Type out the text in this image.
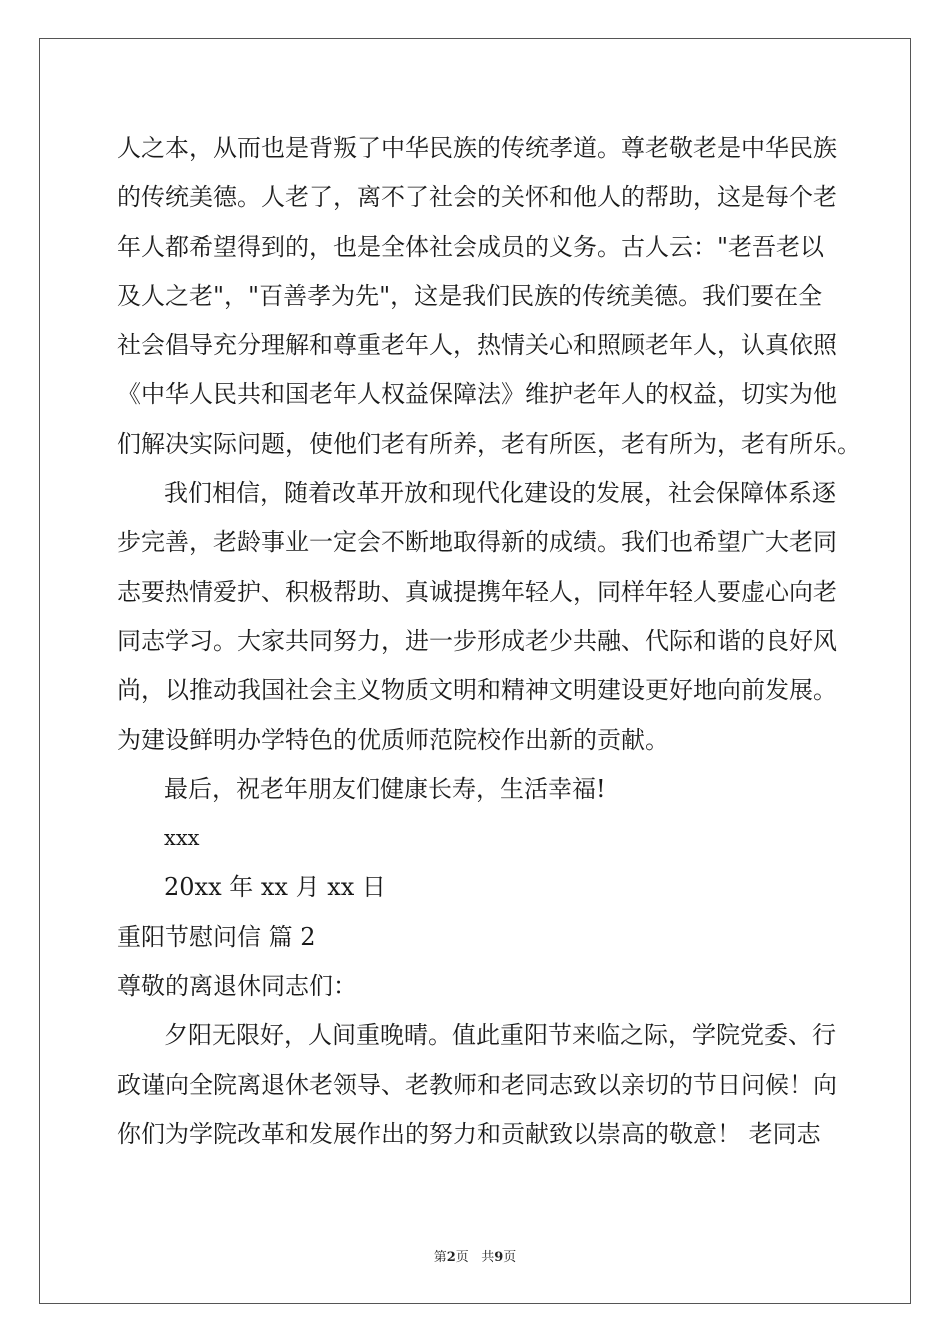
人之本，从而也是背叛了中华民族的传统孝道。尊老敬老是中华民族
的传统美德。人老了，离不了社会的关怀和他人的帮助，这是每个老
年人都希望得到的，也是全体社会成员的义务。古人云："老吾老以
及人之老"，"百善孝为先"，这是我们民族的传统美德。我们要在全
社会倡导充分理解和尊重老年人，热情关心和照顾老年人，认真依照
《中华人民共和国老年人权益保障法》维护老年人的权益，切实为他
们解决实际问题，使他们老有所养，老有所医，老有所为，老有所乐。
我们相信，随着改革开放和现代化建设的发展，社会保障体系逐
步完善，老龄事业一定会不断地取得新的成绩。我们也希望广大老同
志要热情爱护、积极帮助、真诚提携年轻人，同样年轻人要虚心向老
同志学习。大家共同努力，进一步形成老少共融、代际和谐的良好风
尚，以推动我国社会主义物质文明和精神文明建设更好地向前发展。
为建设鲜明办学特色的优质师范院校作出新的贡献。
最后，祝老年朋友们健康长寿，生活幸福!
xxx
20xx 年 xx 月 xx 日
重阳节慰问信 篇 2
尊敬的离退休同志们：
夕阳无限好，人间重晚晴。值此重阳节来临之际，学院党委、行
政谨向全院离退休老领导、老教师和老同志致以亲切的节日问候！向
你们为学院改革和发展作出的努力和贡献致以崇高的敬意！ 老同志
第2页 共9页
